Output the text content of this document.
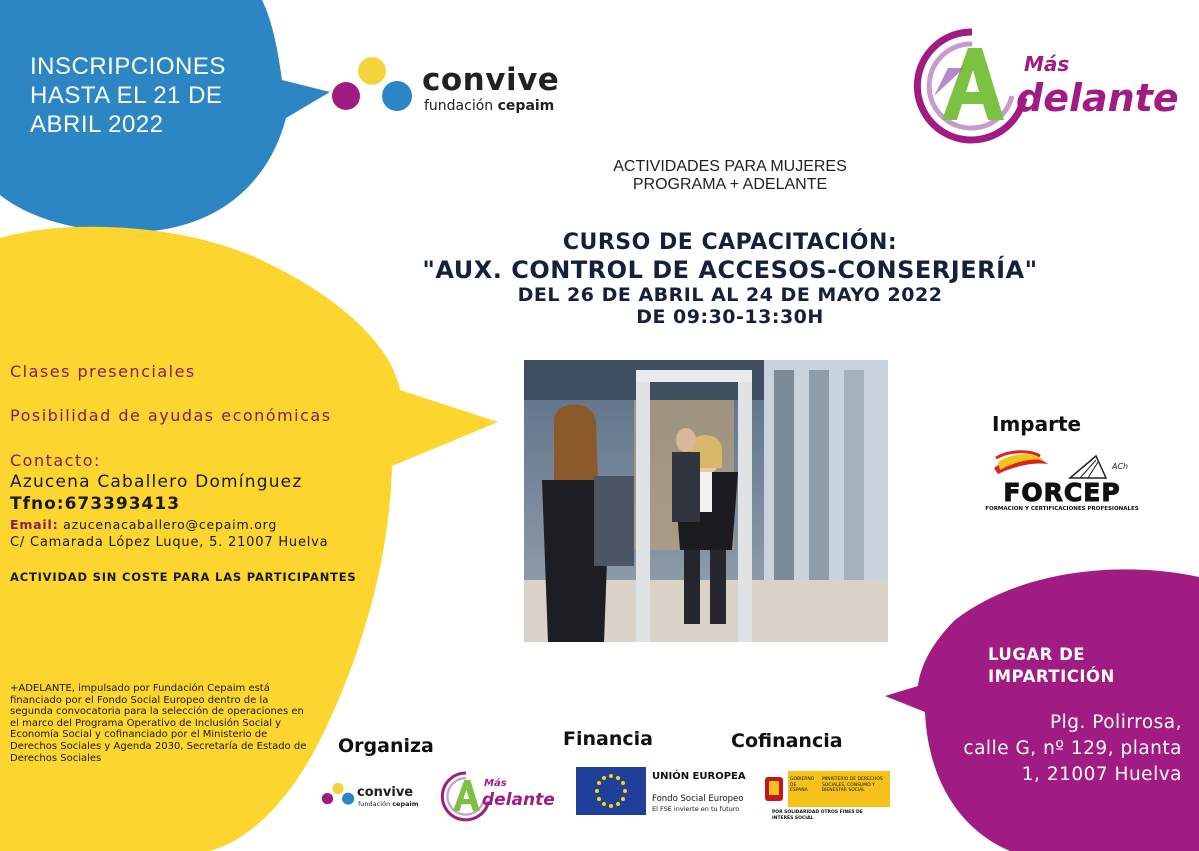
INSCRIPCIONES
HASTA EL 21 DE
ABRIL 2022
convive
fundación cepaim
Más
delante
ACTIVIDADES PARA MUJERES
PROGRAMA + ADELANTE
CURSO DE CAPACITACIÓN:
"AUX. CONTROL DE ACCESOS-CONSERJERÍA"
DEL 26 DE ABRIL AL 24 DE MAYO 2022
DE 09:30-13:30H
Clases presenciales
Posibilidad de ayudas económicas
Contacto:
Azucena Caballero Domínguez
Tfno:673393413
Email: azucenacaballero@cepaim.org
C/ Camarada López Luque, 5. 21007 Huelva
ACTIVIDAD SIN COSTE PARA LAS PARTICIPANTES
+ADELANTE, impulsado por Fundación Cepaim está financiado por el Fondo Social Europeo dentro de la segunda convocatoria para la selección de operaciones en el marco del Programa Operativo de Inclusión Social y Economía Social y cofinanciado por el Ministerio de Derechos Sociales y Agenda 2030, Secretaría de Estado de Derechos Sociales
Imparte
ACh
FORCEP
FORMACION Y CERTIFICACIONES PROFESIONALES
LUGAR DE
IMPARTICIÓN
Plg. Polirrosa,
calle G, nº 129, planta
1, 21007 Huelva
Organiza	Financia	Cofinancia
convive
fundación cepaim
Más
delante
UNIÓN EUROPEA
Fondo Social Europeo
El FSE invierte en tu futuro
GOBIERNO DE ESPAÑA
MINISTERIO DE DERECHOS SOCIALES, CONSUMO Y BIENESTAR SOCIAL
POR SOLIDARIDAD OTROS FINES DE INTERÉS SOCIAL
